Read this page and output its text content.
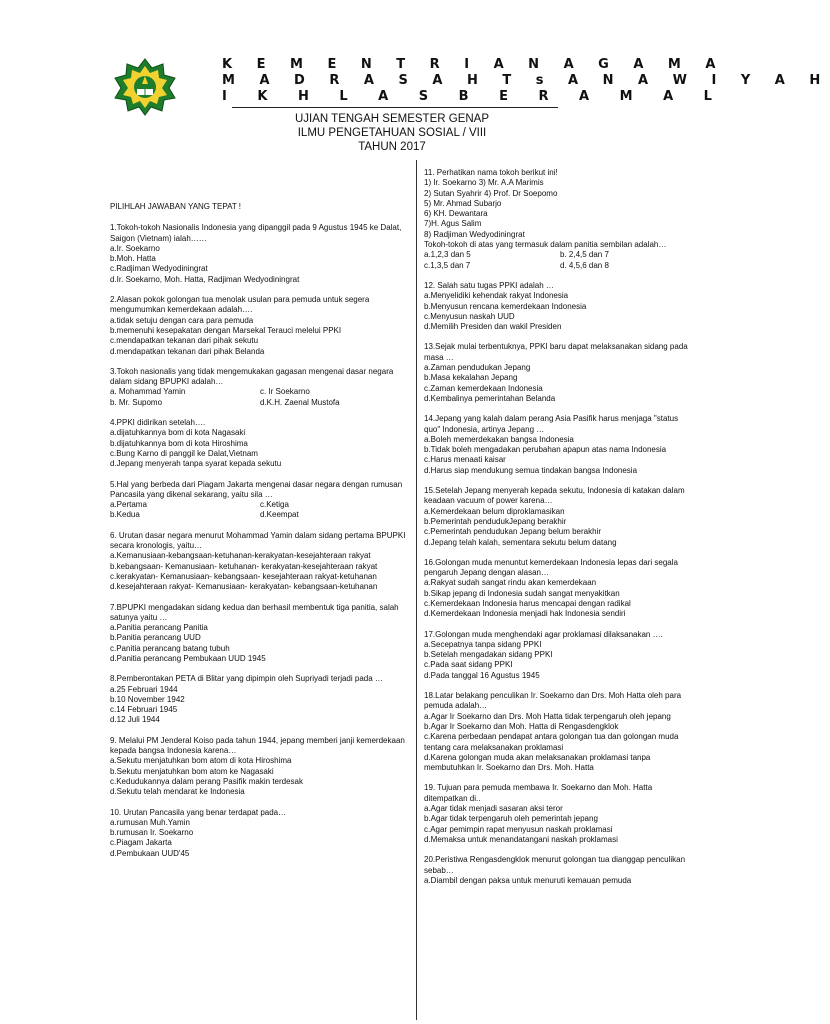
K E M E N T R I A N A G A M A
M A D R A S A H T s A N A W I Y A H
I K H L A S B E R A M A L
UJIAN TENGAH SEMESTER GENAP
ILMU PENGETAHUAN SOSIAL / VIII
TAHUN 2017
PILIHLAH JAWABAN YANG TEPAT !

1.Tokoh-tokoh Nasionalis Indonesia yang dipanggil pada 9 Agustus 1945 ke Dalat, Saigon (Vietnam) ialah……

a.Ir. Soekarno

b.Moh. Hatta

c.Radjiman Wedyodiningrat

d.Ir. Soekarno, Moh. Hatta, Radjiman Wedyodiningrat

2.Alasan pokok golongan tua menolak usulan para pemuda untuk segera mengumumkan kemerdekaan adalah….

a.tidak setuju dengan cara para pemuda

b.memenuhi kesepakatan dengan Marsekal Terauci melelui PPKI

c.mendapatkan tekanan dari pihak sekutu

d.mendapatkan tekanan dari pihak Belanda

3.Tokoh nasionalis yang tidak mengemukakan gagasan mengenai dasar negara dalam sidang BPUPKI adalah…

a. Mohammad Yamin	c. Ir Soekarno
b. Mr. Supomo	d.K.H. Zaenal Mustofa

4.PPKI didirikan setelah….

a.dijatuhkannya bom di kota Nagasaki

b.dijatuhkannya bom di kota Hiroshima

c.Bung Karno di panggil ke Dalat,Vietnam

d.Jepang menyerah tanpa syarat kepada sekutu

5.Hal yang berbeda dari Piagam Jakarta mengenai dasar negara dengan rumusan Pancasila yang dikenal sekarang, yaitu sila …

a.Pertama	c.Ketiga
b.Kedua	d.Keempat

6. Urutan dasar negara menurut Mohammad Yamin dalam sidang pertama BPUPKI secara kronologis, yaitu…

a.Kemanusiaan-kebangsaan-ketuhanan-kerakyatan-kesejahteraan rakyat

b.kebangsaan- Kemanusiaan- ketuhanan- kerakyatan-kesejahteraan rakyat

c.kerakyatan- Kemanusiaan- kebangsaan- kesejahteraan rakyat-ketuhanan

d.kesejahteraan rakyat- Kemanusiaan- kerakyatan- kebangsaan-ketuhanan

7.BPUPKI mengadakan sidang kedua dan berhasil membentuk tiga panitia, salah satunya yaitu …

a.Panitia perancang Panitia

b.Panitia perancang UUD

c.Panitia perancang batang tubuh

d.Panitia perancang Pembukaan UUD 1945

8.Pemberontakan PETA di Blitar yang dipimpin oleh Supriyadi terjadi pada …

a.25 Februari 1944

b.10 November 1942

c.14 Februari 1945

d.12 Juli 1944

9. Melalui PM Jenderal Koiso pada tahun 1944, jepang memberi janji kemerdekaan kepada bangsa Indonesia karena…

a.Sekutu menjatuhkan bom atom di kota Hiroshima

b.Sekutu menjatuhkan bom atom ke Nagasaki

c.Kedudukannya dalam perang Pasifik makin terdesak

d.Sekutu telah mendarat ke Indonesia

10. Urutan Pancasila yang benar terdapat pada…

a.rumusan Muh.Yamin

b.rumusan Ir. Soekarno

c.Piagam Jakarta

d.Pembukaan UUD'45

11. Perhatikan nama tokoh berikut ini!

1) Ir. Soekarno 3) Mr. A.A Marimis

2) Sutan Syahrir 4) Prof. Dr Soepomo

5) Mr. Ahmad Subarjo

6) KH. Dewantara

7)H. Agus Salim

8) Radjiman Wedyodiningrat

Tokoh-tokoh di atas yang termasuk dalam panitia sembilan adalah…

a.1,2,3 dan 5	b. 2,4,5 dan 7
c.1,3,5 dan 7	d. 4,5,6 dan 8

12. Salah satu tugas PPKI adalah …

a.Menyelidiki kehendak rakyat Indonesia

b.Menyusun rencana kemerdekaan Indonesia

c.Menyusun naskah UUD

d.Memilih Presiden dan wakil Presiden

13.Sejak mulai terbentuknya, PPKI baru dapat melaksanakan sidang pada masa …

a.Zaman pendudukan Jepang

b.Masa kekalahan Jepang

c.Zaman kemerdekaan Indonesia

d.Kembalinya pemerintahan Belanda

14.Jepang yang kalah dalam perang Asia Pasifik harus menjaga "status quo" Indonesia, artinya Jepang …

a.Boleh memerdekakan bangsa Indonesia

b.Tidak boleh mengadakan perubahan apapun atas nama Indonesia

c.Harus menaati kaisar

d.Harus siap mendukung semua tindakan bangsa Indonesia

15.Setelah Jepang menyerah kepada sekutu, Indonesia di katakan dalam keadaan vacuum of power karena…

a.Kemerdekaan belum diproklamasikan

b.Pemerintah pendudukJepang berakhir

c.Pemerintah pendudukan Jepang belum berakhir

d.Jepang telah kalah, sementara sekutu belum datang

16.Golongan muda menuntut kemerdekaan Indonesia lepas dari segala pengaruh Jepang dengan alasan…

a.Rakyat sudah sangat rindu akan kemerdekaan

b.Sikap jepang di Indonesia sudah sangat menyakitkan

c.Kemerdekaan Indonesia harus mencapai dengan radikal

d.Kemerdekaan Indonesia menjadi hak Indonesia sendiri

17.Golongan muda menghendaki agar proklamasi dilaksanakan ….

a.Secepatnya tanpa sidang PPKI

b.Setelah mengadakan sidang PPKI

c.Pada saat sidang PPKI

d.Pada tanggal 16 Agustus 1945

18.Latar belakang penculikan Ir. Soekarno dan Drs. Moh Hatta oleh para pemuda adalah…

a.Agar Ir Soekarno dan Drs. Moh Hatta tidak terpengaruh oleh jepang

b.Agar Ir Soekarno dan Moh. Hatta di Rengasdengklok

c.Karena perbedaan pendapat antara golongan tua dan golongan muda tentang cara melaksanakan proklamasi

d.Karena golongan muda akan melaksanakan proklamasi tanpa membutuhkan Ir. Soekarno dan Drs. Moh. Hatta

19. Tujuan para pemuda membawa Ir. Soekarno dan Moh. Hatta ditempatkan di..

a.Agar tidak menjadi sasaran aksi teror

b.Agar tidak terpengaruh oleh pemerintah jepang

c.Agar pemimpin rapat menyusun naskah proklamasi

d.Memaksa untuk menandatangani naskah proklamasi

20.Peristiwa Rengasdengklok menurut golongan tua dianggap penculikan sebab…

a.Diambil dengan paksa untuk menuruti kemauan pemuda
